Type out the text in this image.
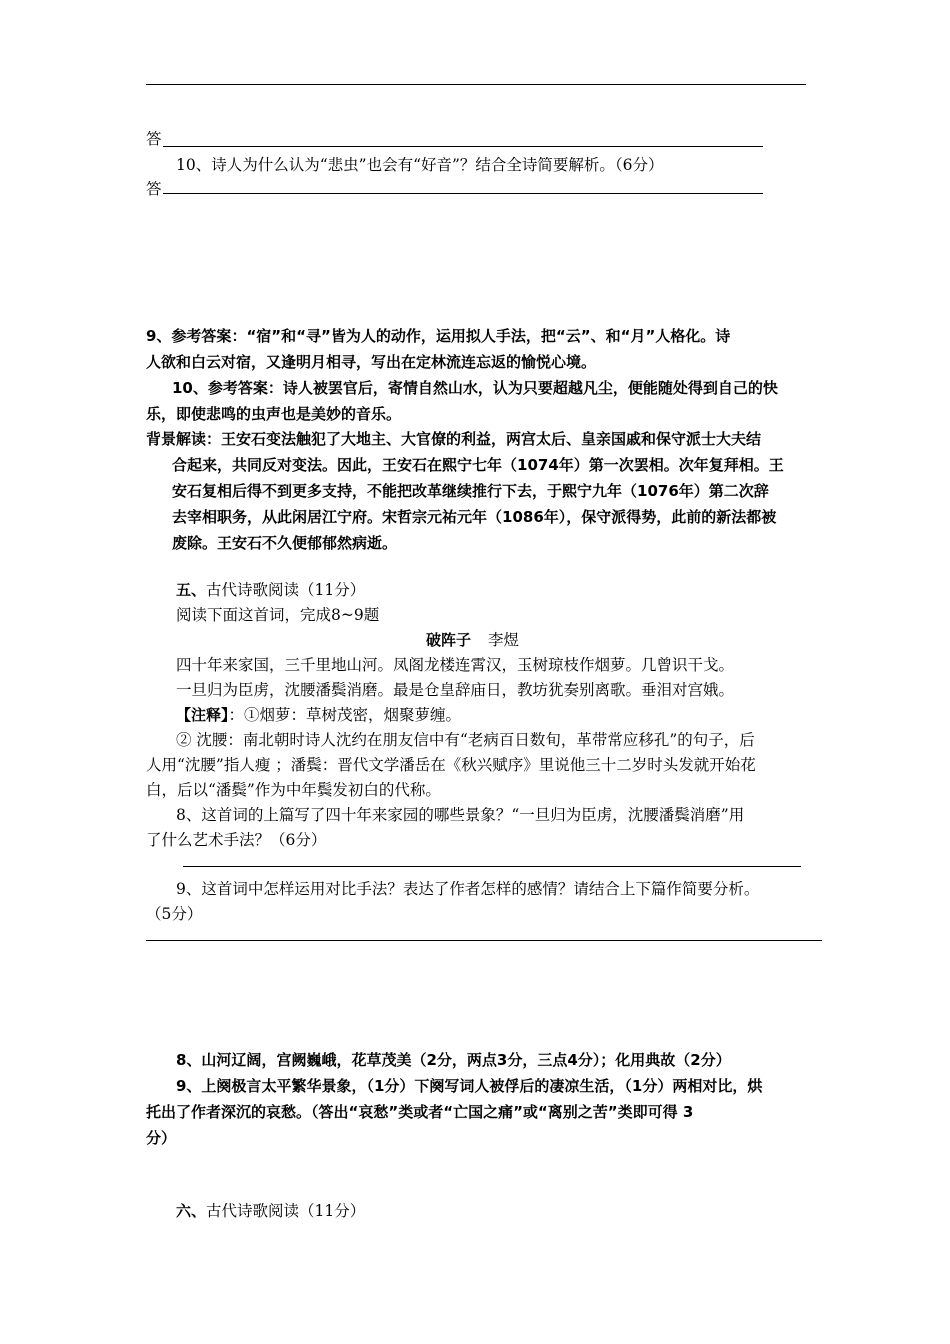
答
10、诗人为什么认为“悲虫”也会有“好音”？结合全诗简要解析。（6分）
答
9、参考答案：“宿”和“寻”皆为人的动作，运用拟人手法，把“云”、和“月”人格化。诗
人欲和白云对宿，又逢明月相寻，写出在定林流连忘返的愉悦心境。
10、参考答案：诗人被罢官后，寄情自然山水，认为只要超越凡尘，便能随处得到自己的快
乐，即使悲鸣的虫声也是美妙的音乐。
背景解读：王安石变法触犯了大地主、大官僚的利益，两宫太后、皇亲国戚和保守派士大夫结
合起来，共同反对变法。因此，王安石在熙宁七年（1074年）第一次罢相。次年复拜相。王
安石复相后得不到更多支持，不能把改革继续推行下去，于熙宁九年（1076年）第二次辞
去宰相职务，从此闲居江宁府。宋哲宗元祐元年（1086年），保守派得势，此前的新法都被
废除。王安石不久便郁郁然病逝。
五、古代诗歌阅读（11分）
阅读下面这首词，完成8~9题
破阵子 李煜
四十年来家国，三千里地山河。凤阁龙楼连霄汉，玉树琼枝作烟萝。几曾识干戈。
一旦归为臣虏，沈腰潘鬓消磨。最是仓皇辞庙日，教坊犹奏别离歌。垂泪对宫娥。
【注释】：①烟萝：草树茂密，烟聚萝缠。
② 沈腰：南北朝时诗人沈约在朋友信中有“老病百日数旬，革带常应移孔”的句子，后
人用“沈腰”指人瘦 ；潘鬓：晋代文学潘岳在《秋兴赋序》里说他三十二岁时头发就开始花
白，后以“潘鬓”作为中年鬓发初白的代称。
8、这首词的上篇写了四十年来家园的哪些景象？“一旦归为臣虏，沈腰潘鬓消磨”用
了什么艺术手法？（6分）
9、这首词中怎样运用对比手法？表达了作者怎样的感情？请结合上下篇作简要分析。
（5分）
8、山河辽阔，宫阙巍峨，花草茂美（2分，两点3分，三点4分）；化用典故（2分）
9、上阕极言太平繁华景象，（1分）下阕写词人被俘后的凄凉生活，（1分）两相对比，烘
托出了作者深沉的哀愁。（答出“哀愁”类或者“亡国之痛”或“离别之苦”类即可得 3
分）
六、古代诗歌阅读（11分）
